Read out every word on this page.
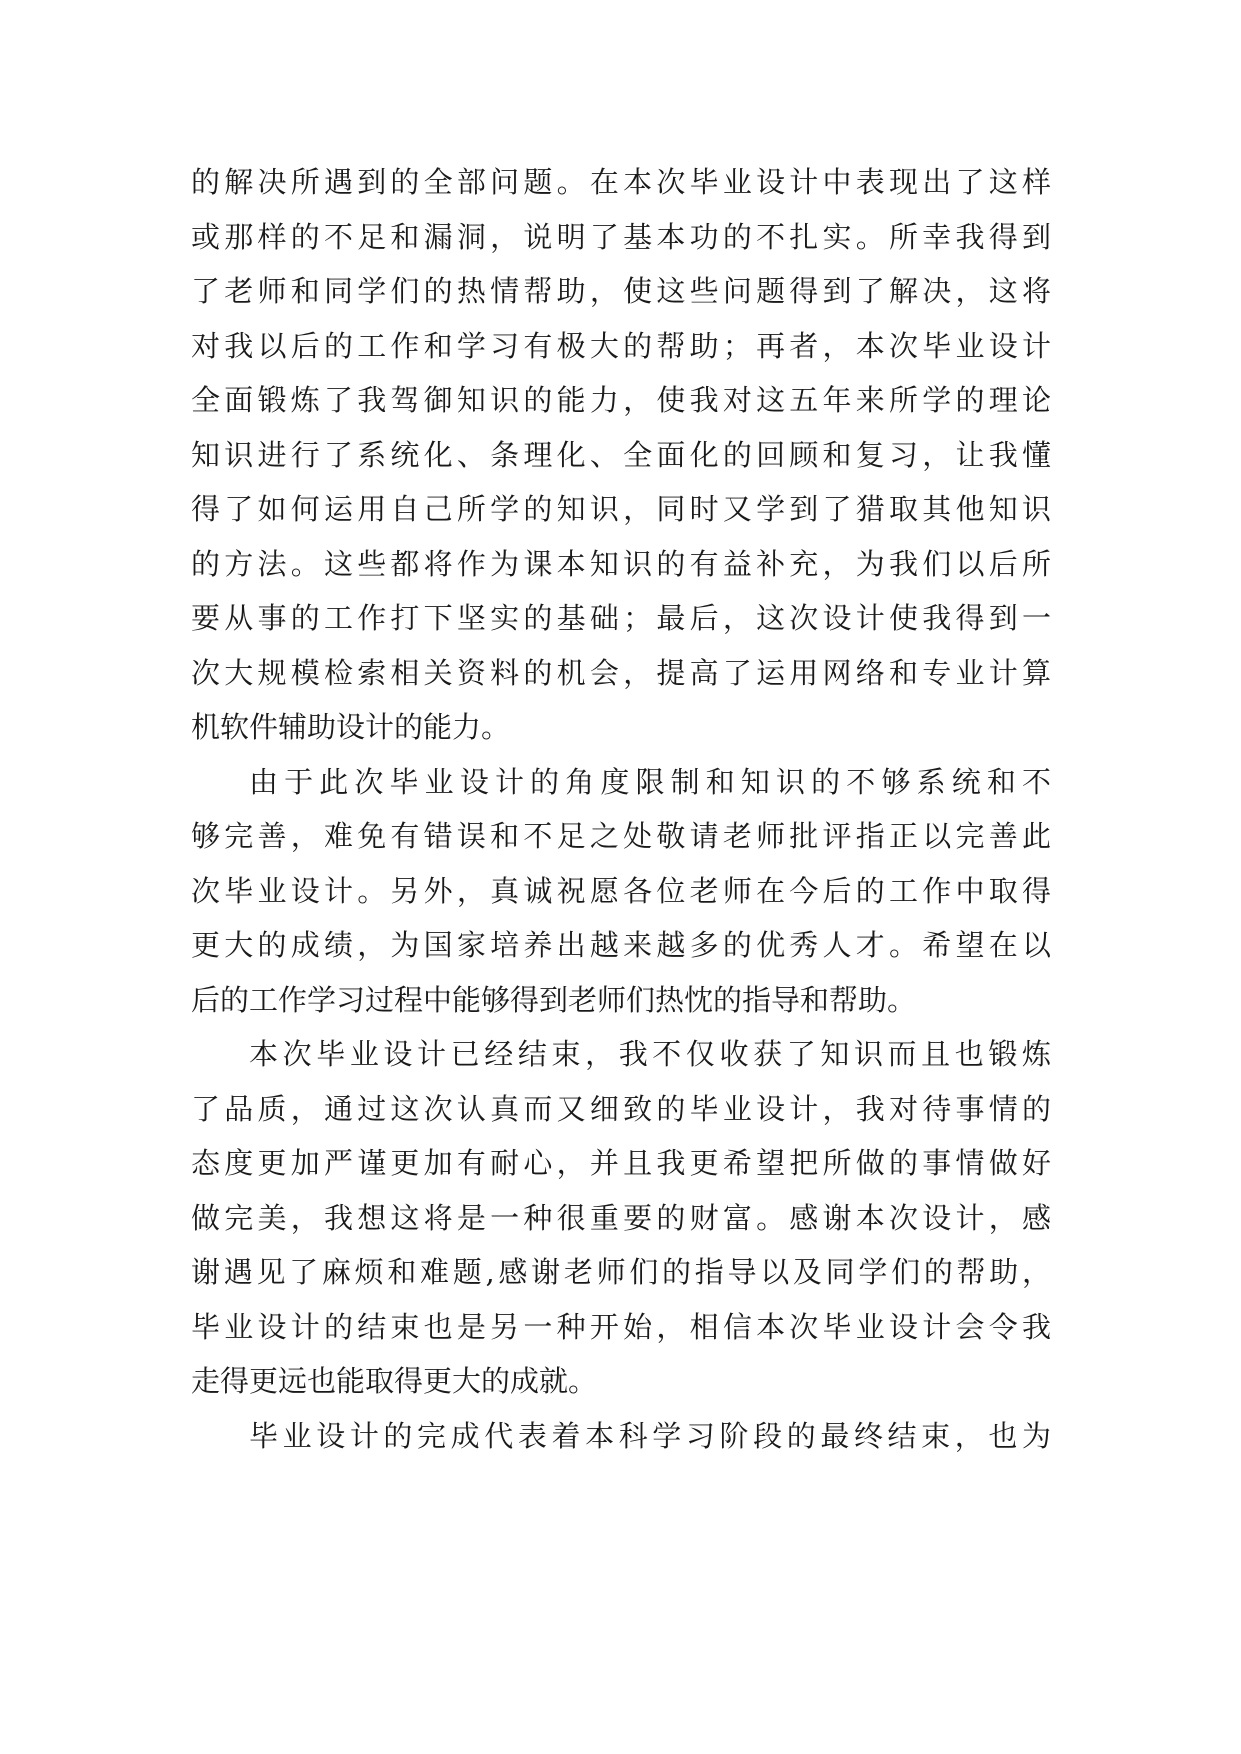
的解决所遇到的全部问题。在本次毕业设计中表现出了这样
或那样的不足和漏洞，说明了基本功的不扎实。所幸我得到
了老师和同学们的热情帮助，使这些问题得到了解决，这将
对我以后的工作和学习有极大的帮助；再者，本次毕业设计
全面锻炼了我驾御知识的能力，使我对这五年来所学的理论
知识进行了系统化、条理化、全面化的回顾和复习，让我懂
得了如何运用自己所学的知识，同时又学到了猎取其他知识
的方法。这些都将作为课本知识的有益补充，为我们以后所
要从事的工作打下坚实的基础；最后，这次设计使我得到一
次大规模检索相关资料的机会，提高了运用网络和专业计算
机软件辅助设计的能力。
由于此次毕业设计的角度限制和知识的不够系统和不
够完善，难免有错误和不足之处敬请老师批评指正以完善此
次毕业设计。另外，真诚祝愿各位老师在今后的工作中取得
更大的成绩，为国家培养出越来越多的优秀人才。希望在以
后的工作学习过程中能够得到老师们热忱的指导和帮助。
本次毕业设计已经结束，我不仅收获了知识而且也锻炼
了品质，通过这次认真而又细致的毕业设计，我对待事情的
态度更加严谨更加有耐心，并且我更希望把所做的事情做好
做完美，我想这将是一种很重要的财富。感谢本次设计，感
谢遇见了麻烦和难题,感谢老师们的指导以及同学们的帮助，
毕业设计的结束也是另一种开始，相信本次毕业设计会令我
走得更远也能取得更大的成就。
毕业设计的完成代表着本科学习阶段的最终结束，也为
